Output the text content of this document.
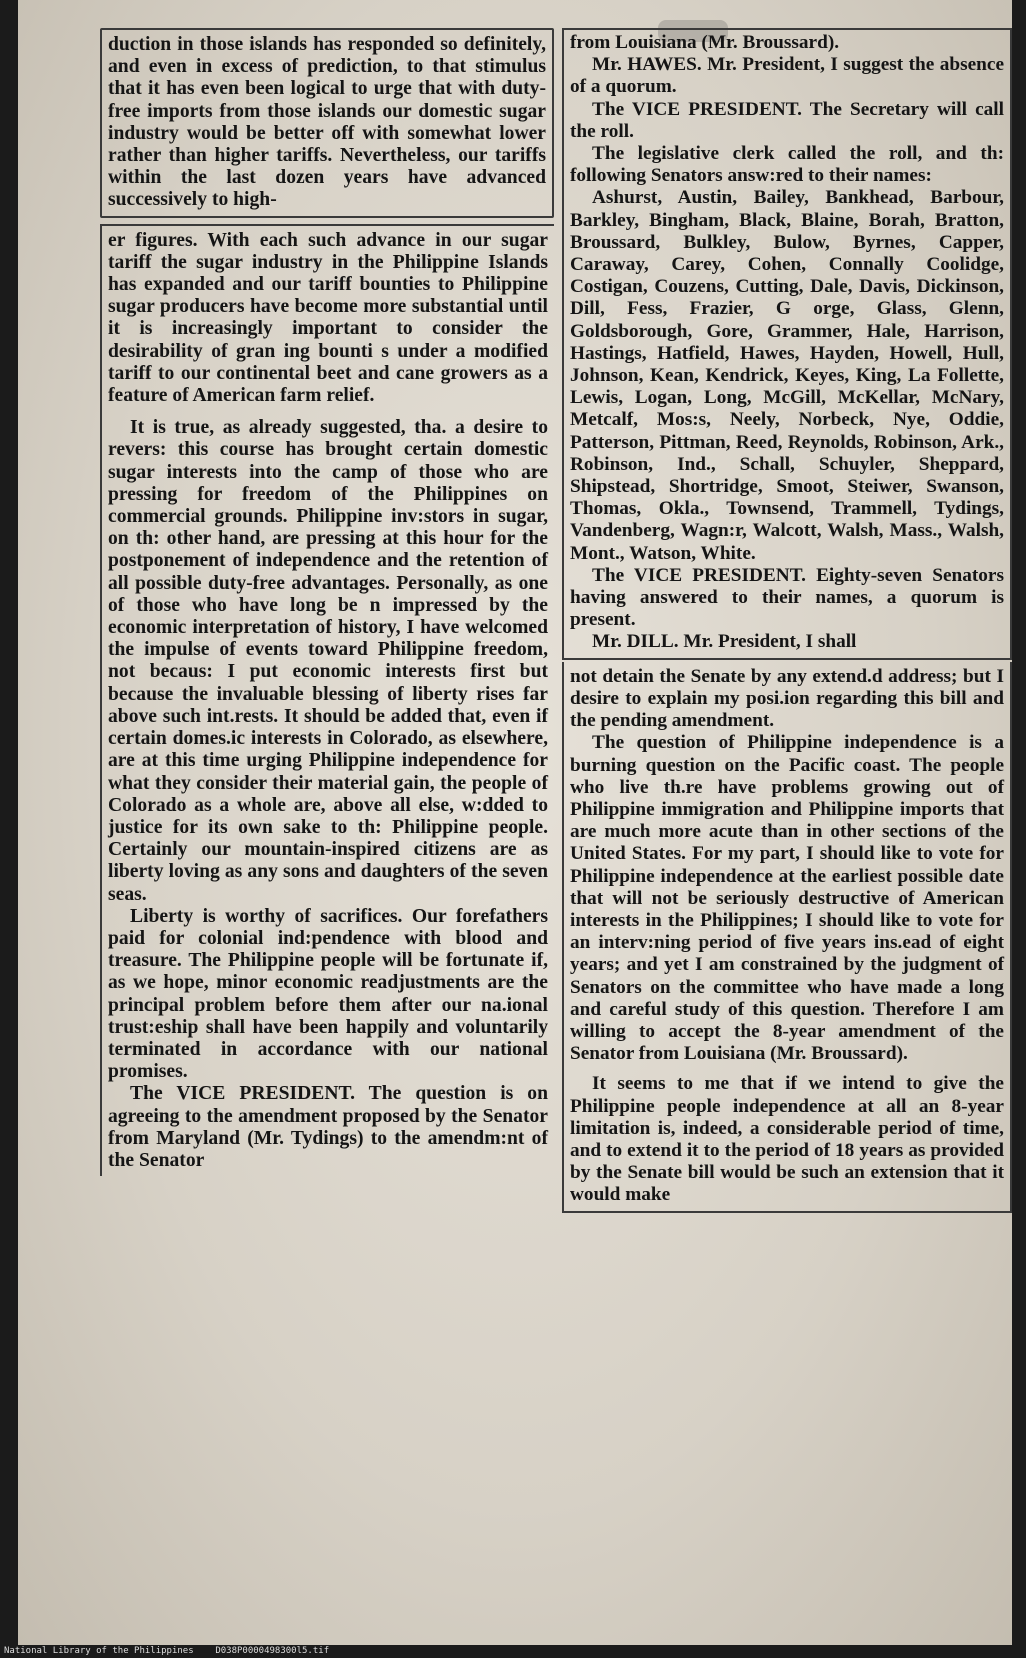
duction in those islands has responded so definitely, and even in excess of prediction, to that stimulus that it has even been logical to urge that with duty-free imports from those islands our domestic sugar industry would be better off with somewhat lower rather than higher tariffs. Nevertheless, our tariffs within the last dozen years have advanced successively to high-

er figures. With each such advance in our sugar tariff the sugar industry in the Philippine Islands has expanded and our tariff bounties to Philippine sugar producers have become more substantial until it is increasingly important to consider the desirability of gran ing bounti s under a modified tariff to our continental beet and cane growers as a feature of American farm relief.

It is true, as already suggested, tha. a desire to revers: this course has brought certain domestic sugar interests into the camp of those who are pressing for freedom of the Philippines on commercial grounds. Philippine inv:stors in sugar, on th: other hand, are pressing at this hour for the postponement of independence and the retention of all possible duty-free advantages. Personally, as one of those who have long be n impressed by the economic interpretation of history, I have welcomed the impulse of events toward Philippine freedom, not becaus: I put economic interests first but because the invaluable blessing of liberty rises far above such int.rests. It should be added that, even if certain domes.ic interests in Colorado, as elsewhere, are at this time urging Philippine independence for what they consider their material gain, the people of Colorado as a whole are, above all else, w:dded to justice for its own sake to th: Philippine people. Certainly our mountain-inspired citizens are as liberty loving as any sons and daughters of the seven seas.

Liberty is worthy of sacrifices. Our forefathers paid for colonial ind:pendence with blood and treasure. The Philippine people will be fortunate if, as we hope, minor economic readjustments are the principal problem before them after our na.ional trust:eship shall have been happily and voluntarily terminated in accordance with our national promises.

The VICE PRESIDENT. The question is on agreeing to the amendment proposed by the Senator from Maryland (Mr. Tydings) to the amendm:nt of the Senator

from Louisiana (Mr. Broussard).

Mr. HAWES. Mr. President, I suggest the absence of a quorum.

The VICE PRESIDENT. The Secretary will call the roll.

The legislative clerk called the roll, and th: following Senators answ:red to their names:

Ashurst, Austin, Bailey, Bankhead, Barbour, Barkley, Bingham, Black, Blaine, Borah, Bratton, Broussard, Bulkley, Bulow, Byrnes, Capper, Caraway, Carey, Cohen, Connally Coolidge, Costigan, Couzens, Cutting, Dale, Davis, Dickinson, Dill, Fess, Frazier, G orge, Glass, Glenn, Goldsborough, Gore, Grammer, Hale, Harrison, Hastings, Hatfield, Hawes, Hayden, Howell, Hull, Johnson, Kean, Kendrick, Keyes, King, La Follette, Lewis, Logan, Long, McGill, McKellar, McNary, Metcalf, Mos:s, Neely, Norbeck, Nye, Oddie, Patterson, Pittman, Reed, Reynolds, Robinson, Ark., Robinson, Ind., Schall, Schuyler, Sheppard, Shipstead, Shortridge, Smoot, Steiwer, Swanson, Thomas, Okla., Townsend, Trammell, Tydings, Vandenberg, Wagn:r, Walcott, Walsh, Mass., Walsh, Mont., Watson, White.

The VICE PRESIDENT. Eighty-seven Senators having answered to their names, a quorum is present.

Mr. DILL. Mr. President, I shall

not detain the Senate by any extend.d address; but I desire to explain my posi.ion regarding this bill and the pending amendment.

The question of Philippine independence is a burning question on the Pacific coast. The people who live th.re have problems growing out of Philippine immigration and Philippine imports that are much more acute than in other sections of the United States. For my part, I should like to vote for Philippine independence at the earliest possible date that will not be seriously destructive of American interests in the Philippines; I should like to vote for an interv:ning period of five years ins.ead of eight years; and yet I am constrained by the judgment of Senators on the committee who have made a long and careful study of this question. Therefore I am willing to accept the 8-year amendment of the Senator from Louisiana (Mr. Broussard).

It seems to me that if we intend to give the Philippine people independence at all an 8-year limitation is, indeed, a considerable period of time, and to extend it to the period of 18 years as provided by the Senate bill would be such an extension that it would make

National Library of the Philippines    D038P0000498300l5.tif
